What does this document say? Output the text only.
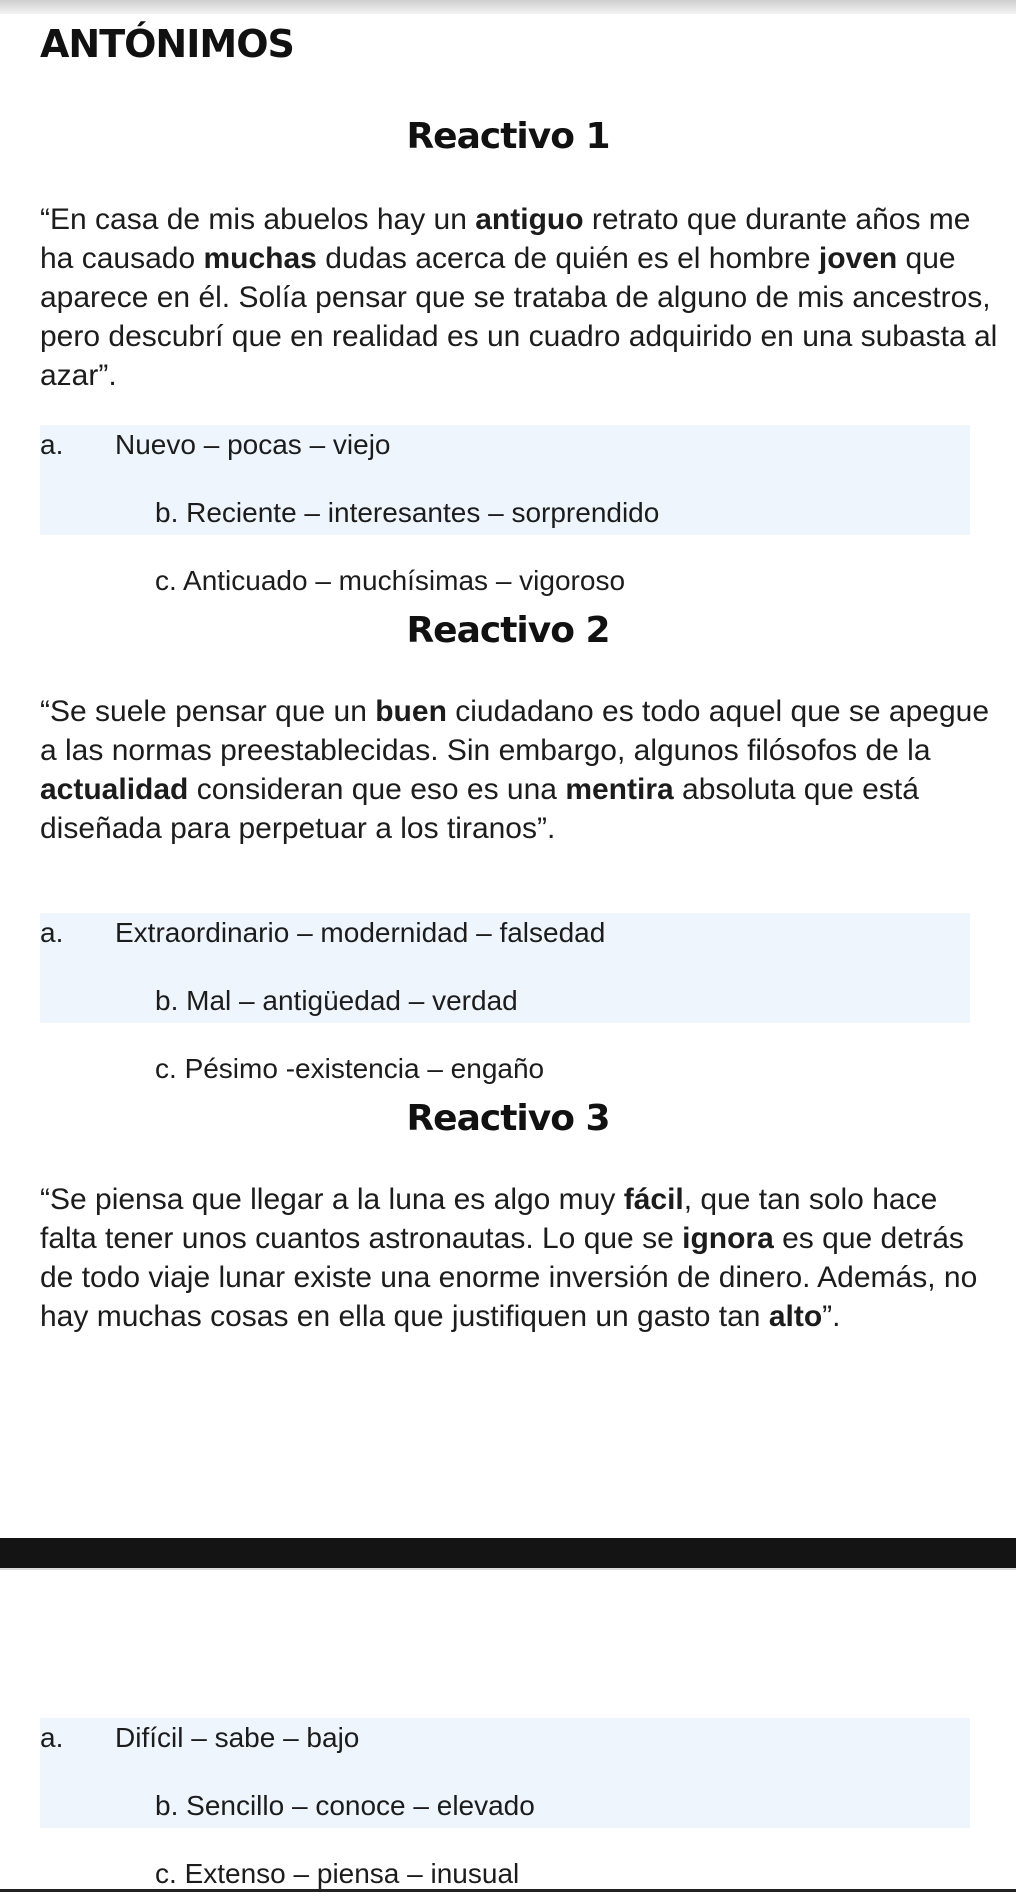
ANTÓNIMOS
Reactivo 1

“En casa de mis abuelos hay un antiguo retrato que durante años me ha causado muchas dudas acerca de quién es el hombre joven que aparece en él. Solía pensar que se trataba de alguno de mis ancestros, pero descubrí que en realidad es un cuadro adquirido en una subasta al azar”.

a. Nuevo – pocas – viejo
b. Reciente – interesantes – sorprendido
c. Anticuado – muchísimas – vigoroso
Reactivo 2

“Se suele pensar que un buen ciudadano es todo aquel que se apegue a las normas preestablecidas. Sin embargo, algunos filósofos de la actualidad consideran que eso es una mentira absoluta que está diseñada para perpetuar a los tiranos”.

a. Extraordinario – modernidad – falsedad
b. Mal – antigüedad – verdad
c. Pésimo -existencia – engaño
Reactivo 3

“Se piensa que llegar a la luna es algo muy fácil, que tan solo hace falta tener unos cuantos astronautas. Lo que se ignora es que detrás de todo viaje lunar existe una enorme inversión de dinero. Además, no hay muchas cosas en ella que justifiquen un gasto tan alto”.

a. Difícil – sabe – bajo
b. Sencillo – conoce – elevado
c. Extenso – piensa – inusual
